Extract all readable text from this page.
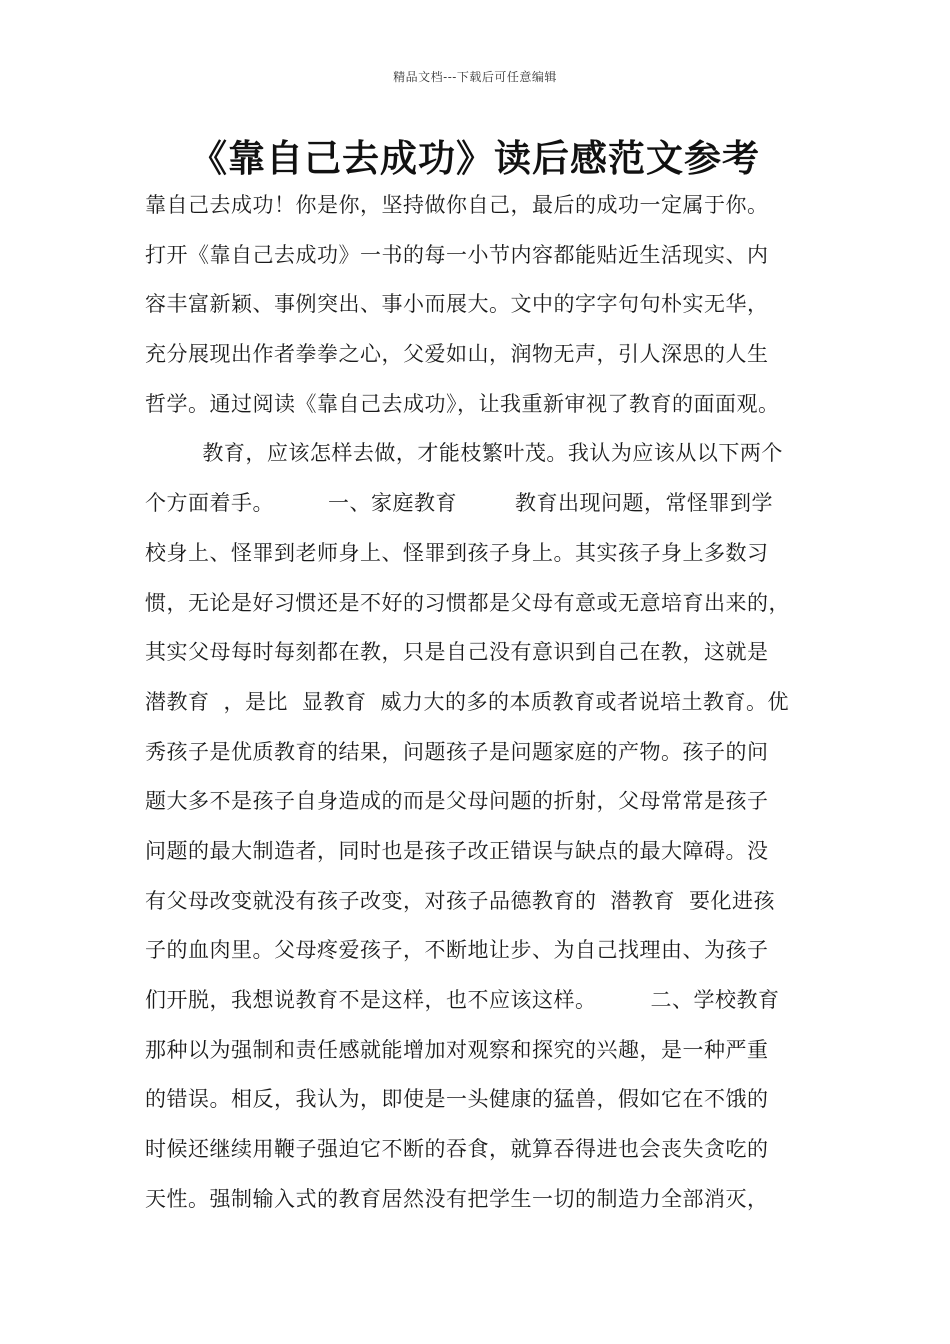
精品文档---下载后可任意编辑
《靠自己去成功》读后感范文参考
靠自己去成功！你是你，坚持做你自己，最后的成功一定属于你。
打开《靠自己去成功》一书的每一小节内容都能贴近生活现实、内
容丰富新颖、事例突出、事小而展大。文中的字字句句朴实无华，
充分展现出作者拳拳之心，父爱如山，润物无声，引人深思的人生
哲学。通过阅读《靠自己去成功》，让我重新审视了教育的面面观。
教育，应该怎样去做，才能枝繁叶茂。我认为应该从以下两个
个方面着手。	一、家庭教育	教育出现问题，常怪罪到学
校身上、怪罪到老师身上、怪罪到孩子身上。其实孩子身上多数习
惯，无论是好习惯还是不好的习惯都是父母有意或无意培育出来的，
其实父母每时每刻都在教，只是自己没有意识到自己在教，这就是
潜教育 ，是比 显教育 威力大的多的本质教育或者说培土教育。优
秀孩子是优质教育的结果，问题孩子是问题家庭的产物。孩子的问
题大多不是孩子自身造成的而是父母问题的折射，父母常常是孩子
问题的最大制造者，同时也是孩子改正错误与缺点的最大障碍。没
有父母改变就没有孩子改变，对孩子品德教育的 潜教育 要化进孩
子的血肉里。父母疼爱孩子，不断地让步、为自己找理由、为孩子
们开脱，我想说教育不是这样，也不应该这样。	二、学校教育
那种以为强制和责任感就能增加对观察和探究的兴趣，是一种严重
的错误。相反，我认为，即使是一头健康的猛兽，假如它在不饿的
时候还继续用鞭子强迫它不断的吞食，就算吞得进也会丧失贪吃的
天性。强制输入式的教育居然没有把学生一切的制造力全部消灭，
